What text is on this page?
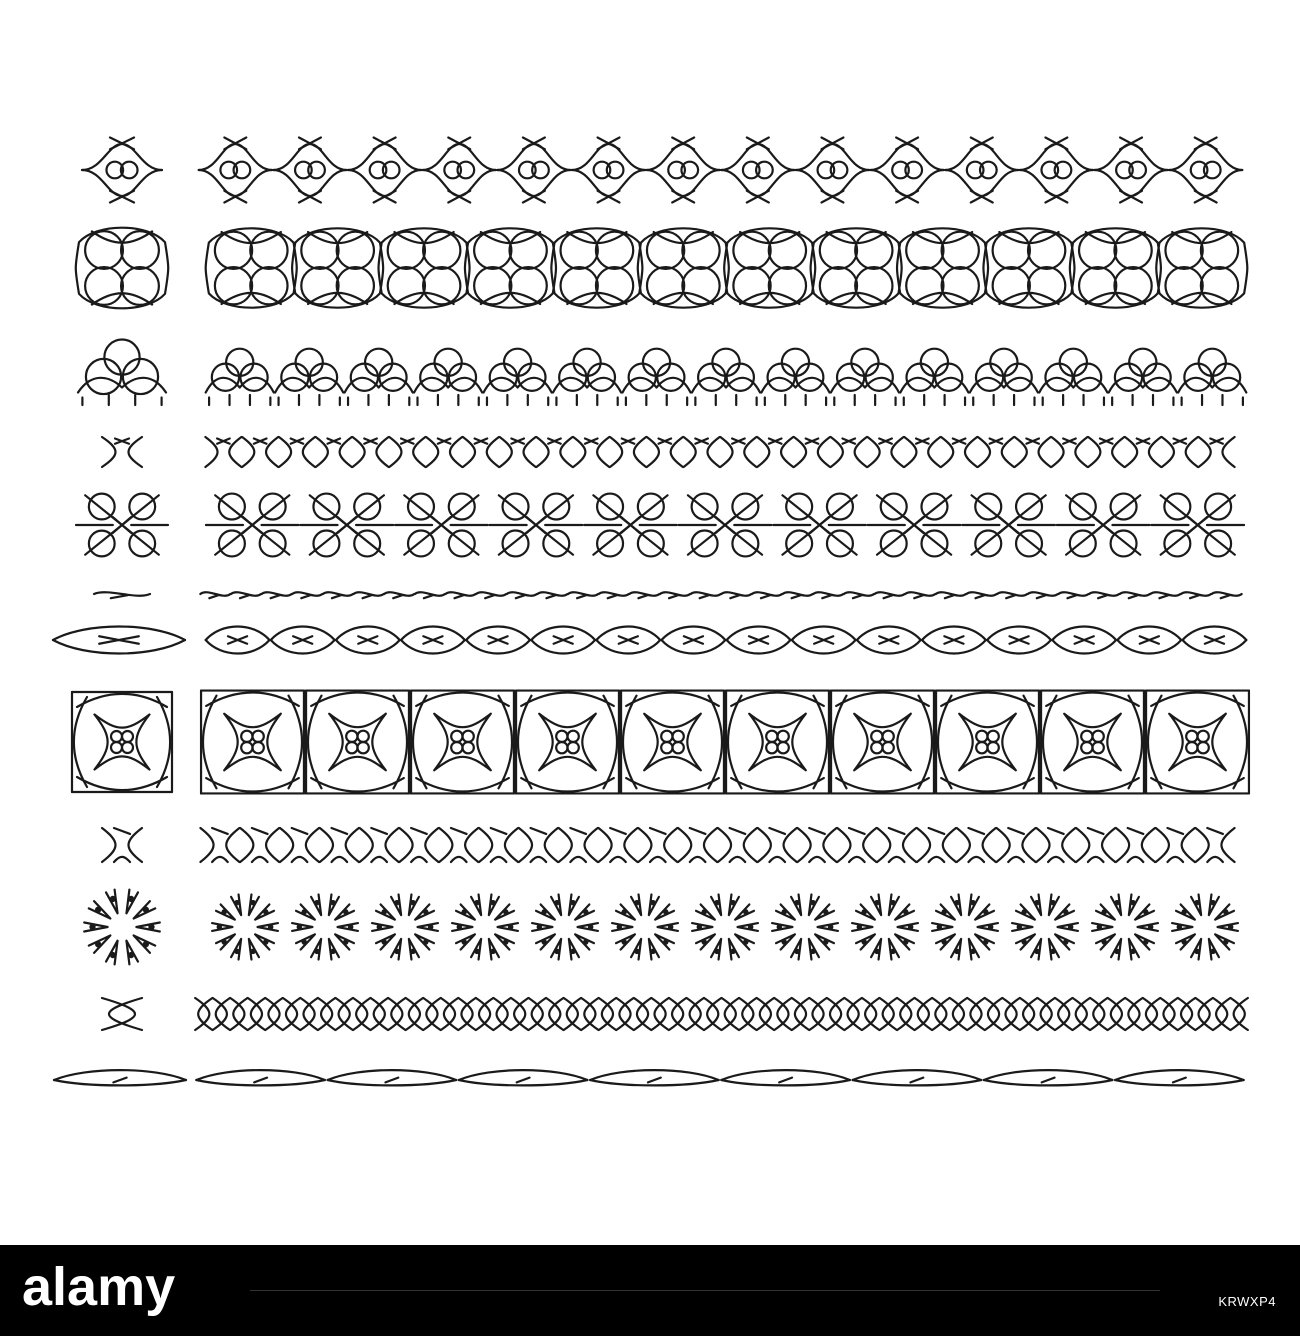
alamy	KRWXP4
